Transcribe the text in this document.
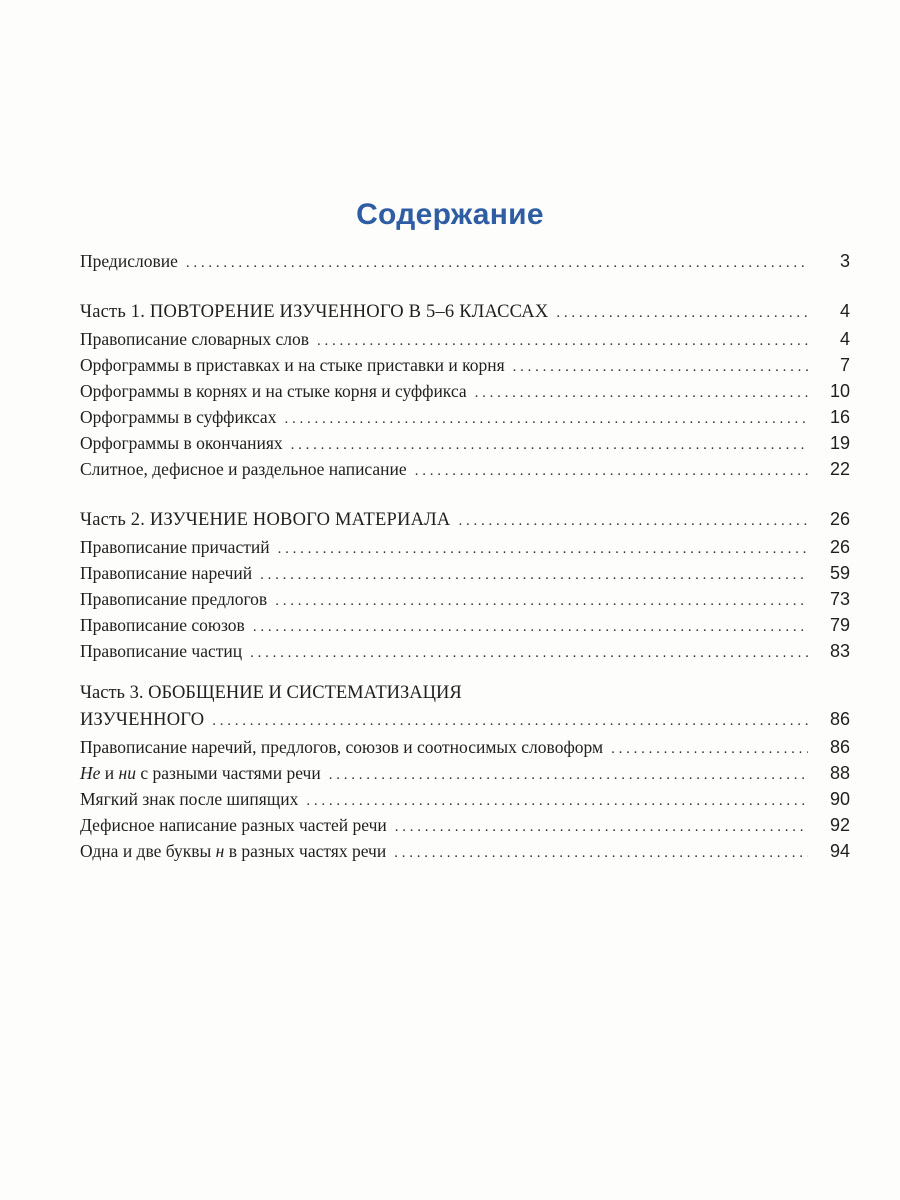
Содержание
Предисловие . . .	3
Часть 1. ПОВТОРЕНИЕ ИЗУЧЕННОГО В 5–6 КЛАССАХ . . .	4
Правописание словарных слов . . .	4
Орфограммы в приставках и на стыке приставки и корня . . .	7
Орфограммы в корнях и на стыке корня и суффикса . . .	10
Орфограммы в суффиксах . . .	16
Орфограммы в окончаниях . . .	19
Слитное, дефисное и раздельное написание . . .	22
Часть 2. ИЗУЧЕНИЕ НОВОГО МАТЕРИАЛА . . .	26
Правописание причастий . . .	26
Правописание наречий . . .	59
Правописание предлогов . . .	73
Правописание союзов . . .	79
Правописание частиц . . .	83
Часть 3. ОБОБЩЕНИЕ И СИСТЕМАТИЗАЦИЯ
ИЗУЧЕННОГО . . .	86
Правописание наречий, предлогов, союзов и соотносимых словоформ . . .	86
Не и ни с разными частями речи . . .	88
Мягкий знак после шипящих . . .	90
Дефисное написание разных частей речи . . .	92
Одна и две буквы н в разных частях речи . . .	94
